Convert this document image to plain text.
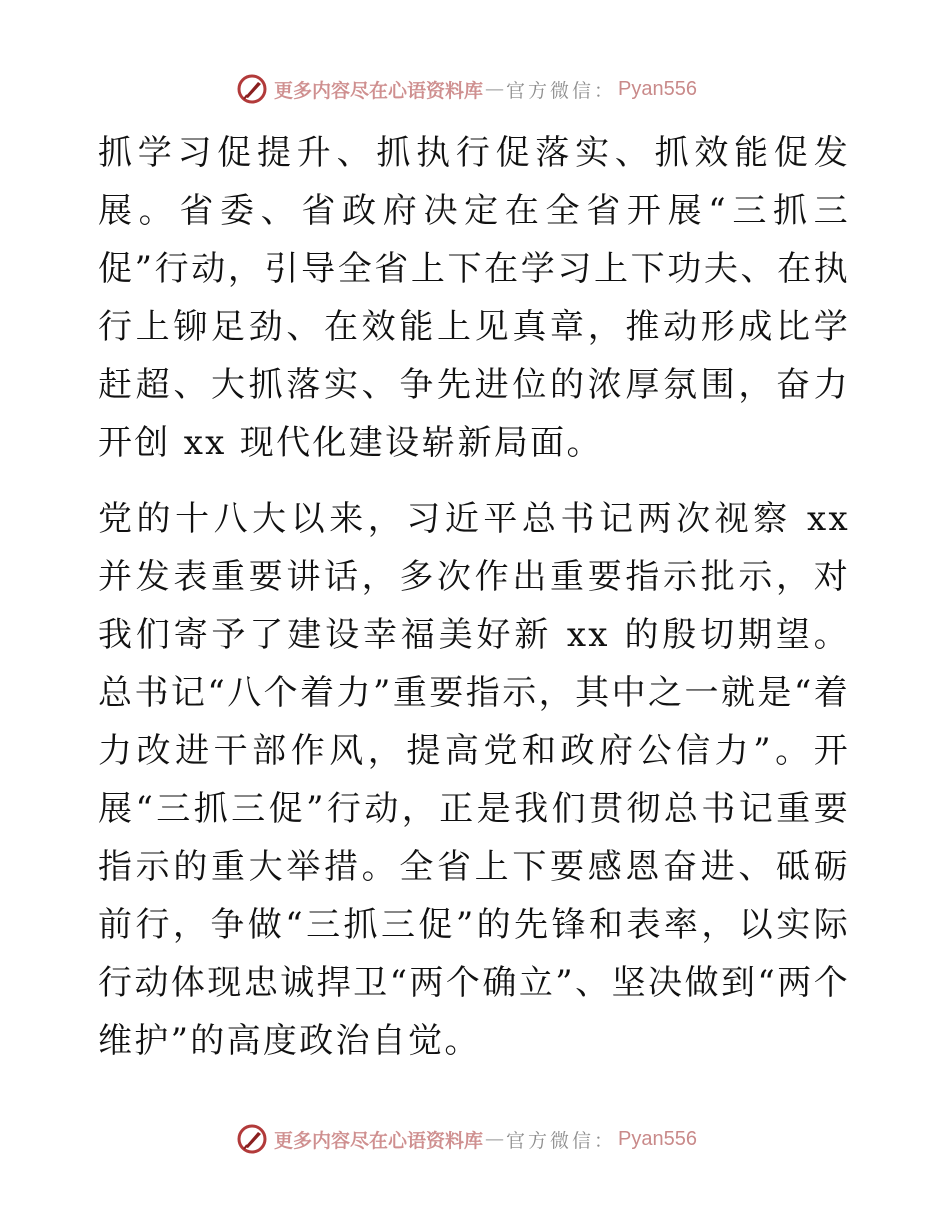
更多内容尽在心语资料库 — 官方微信： Pyan556

抓学习促提升、抓执行促落实、抓效能促发展。省委、省政府决定在全省开展“三抓三促”行动，引导全省上下在学习上下功夫、在执行上铆足劲、在效能上见真章，推动形成比学赶超、大抓落实、争先进位的浓厚氛围，奋力开创 xx 现代化建设崭新局面。

党的十八大以来，习近平总书记两次视察 xx 并发表重要讲话，多次作出重要指示批示，对我们寄予了建设幸福美好新 xx 的殷切期望。总书记“八个着力”重要指示，其中之一就是“着力改进干部作风，提高党和政府公信力”。开展“三抓三促”行动，正是我们贯彻总书记重要指示的重大举措。全省上下要感恩奋进、砥砺前行，争做“三抓三促”的先锋和表率，以实际行动体现忠诚捍卫“两个确立”、坚决做到“两个维护”的高度政治自觉。

更多内容尽在心语资料库 — 官方微信： Pyan556
